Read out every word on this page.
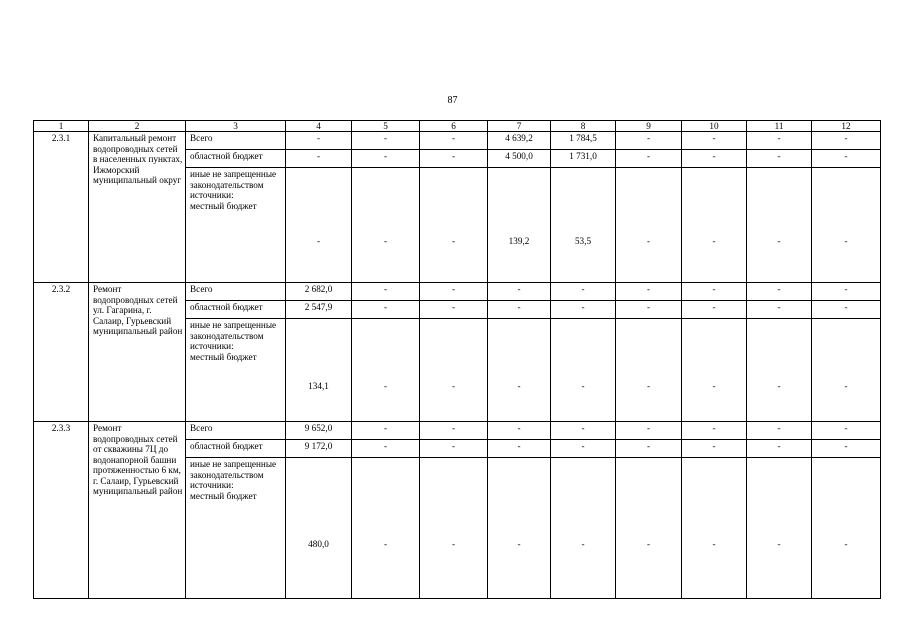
87
1	2	3	4	5	6	7	8	9	10	11	12
2.3.1	Капитальный ремонт водопроводных сетей в населенных пунктах, Ижморский муниципальный округ	Всего	-	-	-	4 639,2	1 784,5	-	-	-	-
		областной бюджет	-	-	-	4 500,0	1 731,0	-	-	-	-

		иные не запрещенные законодательством источники:
местный бюджет	-	-	-	139,2	53,5	-	-	-	-
2.3.2	Ремонт водопроводных сетей ул. Гагарина, г. Салаир, Гурьевский муниципальный район	Всего	2 682,0	-	-	-	-	-	-	-	-
		областной бюджет	2 547,9	-	-	-	-	-	-	-	-

		иные не запрещенные законодательством источники:
местный бюджет	134,1	-	-	-	-	-	-	-	-
2.3.3	Ремонт водопроводных сетей от скважины 7Ц до водонапорной башни протяженностью 6 км, г. Салаир, Гурьевский муниципальный район	Всего	9 652,0	-	-	-	-	-	-	-	-
		областной бюджет	9 172,0	-	-	-	-	-	-	-	-

		иные не запрещенные законодательством источники:
местный бюджет	480,0	-	-	-	-	-	-	-	-
